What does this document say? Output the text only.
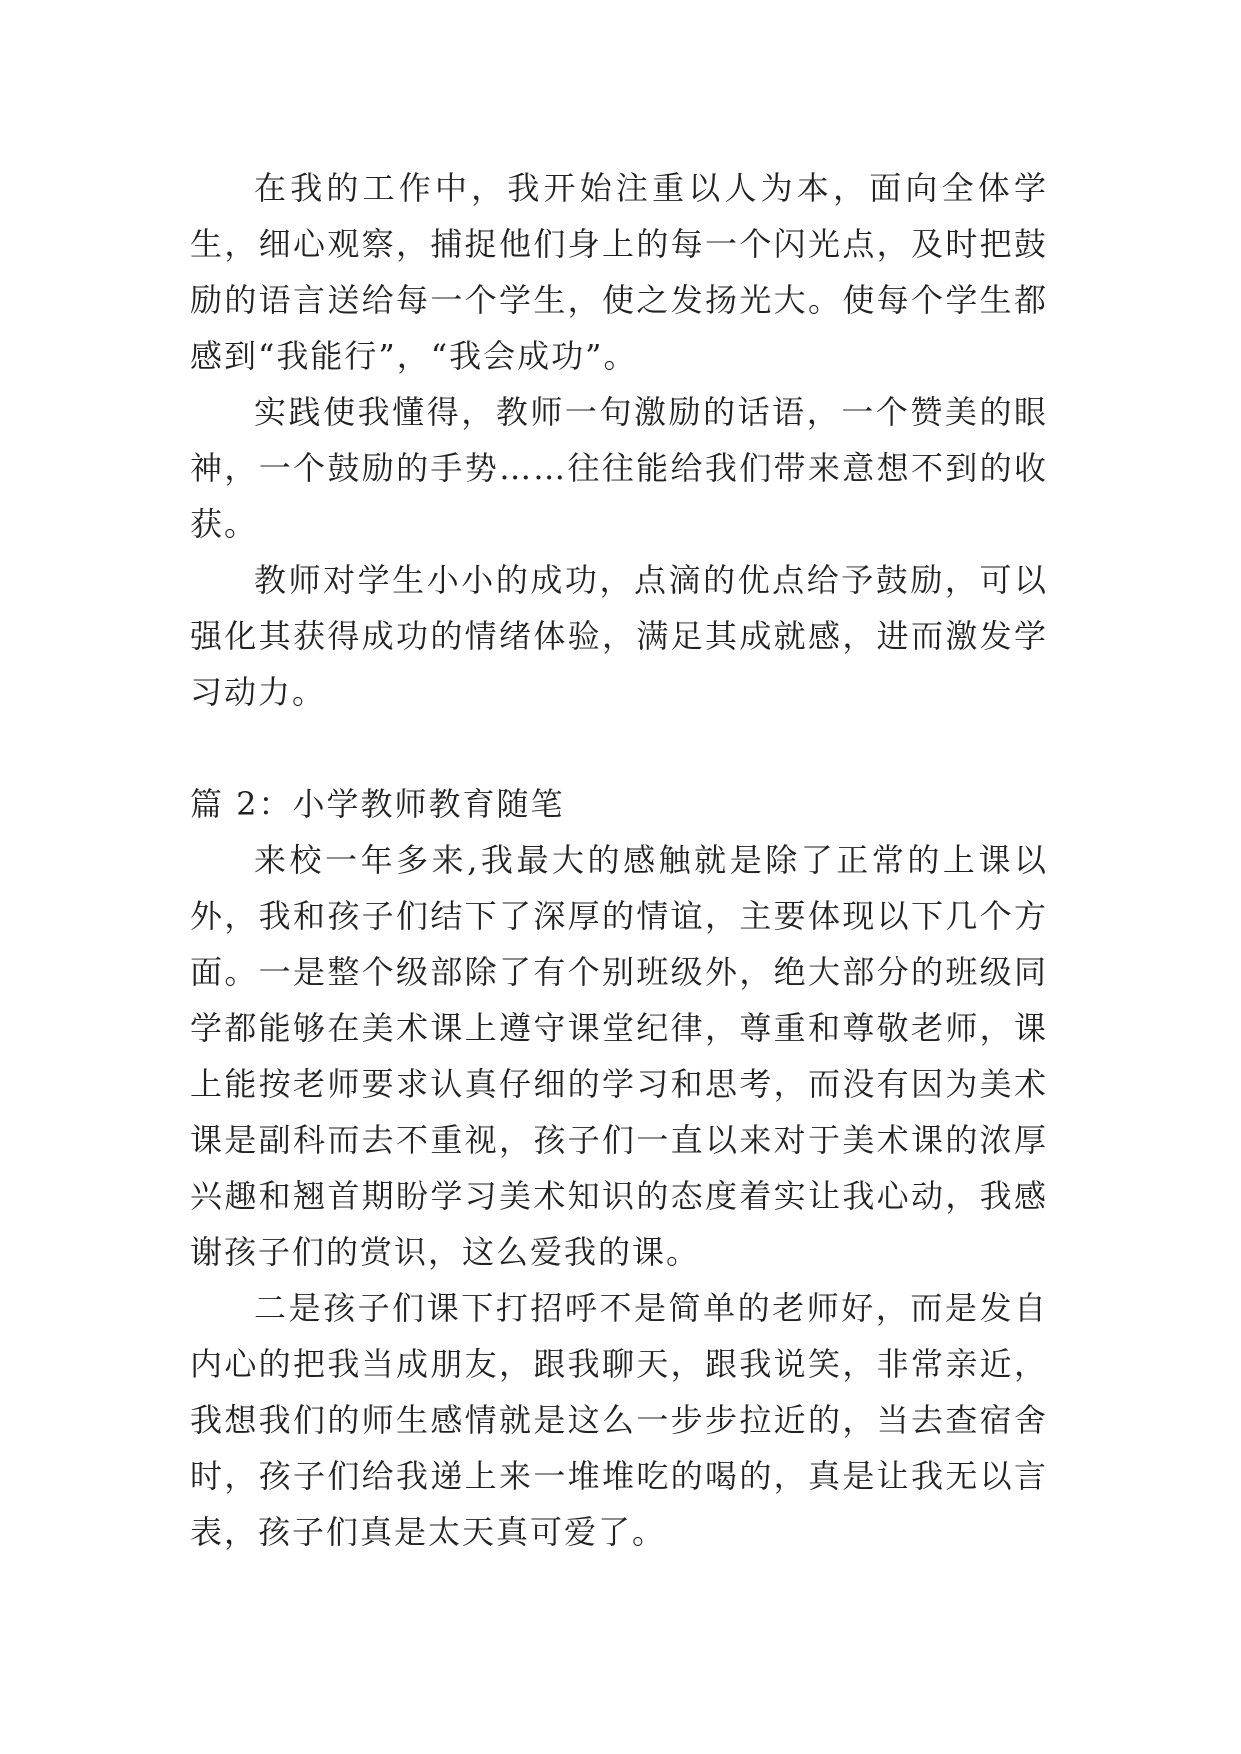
在我的工作中，我开始注重以人为本，面向全体学生，细心观察，捕捉他们身上的每一个闪光点，及时把鼓励的语言送给每一个学生，使之发扬光大。使每个学生都感到“我能行”，“我会成功”。

实践使我懂得，教师一句激励的话语，一个赞美的眼神，一个鼓励的手势……往往能给我们带来意想不到的收获。

教师对学生小小的成功，点滴的优点给予鼓励，可以强化其获得成功的情绪体验，满足其成就感，进而激发学习动力。

篇 2：小学教师教育随笔

来校一年多来,我最大的感触就是除了正常的上课以外，我和孩子们结下了深厚的情谊，主要体现以下几个方面。一是整个级部除了有个别班级外，绝大部分的班级同学都能够在美术课上遵守课堂纪律，尊重和尊敬老师，课上能按老师要求认真仔细的学习和思考，而没有因为美术课是副科而去不重视，孩子们一直以来对于美术课的浓厚兴趣和翘首期盼学习美术知识的态度着实让我心动，我感谢孩子们的赏识，这么爱我的课。

二是孩子们课下打招呼不是简单的老师好，而是发自内心的把我当成朋友，跟我聊天，跟我说笑，非常亲近，我想我们的师生感情就是这么一步步拉近的，当去查宿舍时，孩子们给我递上来一堆堆吃的喝的，真是让我无以言表，孩子们真是太天真可爱了。
